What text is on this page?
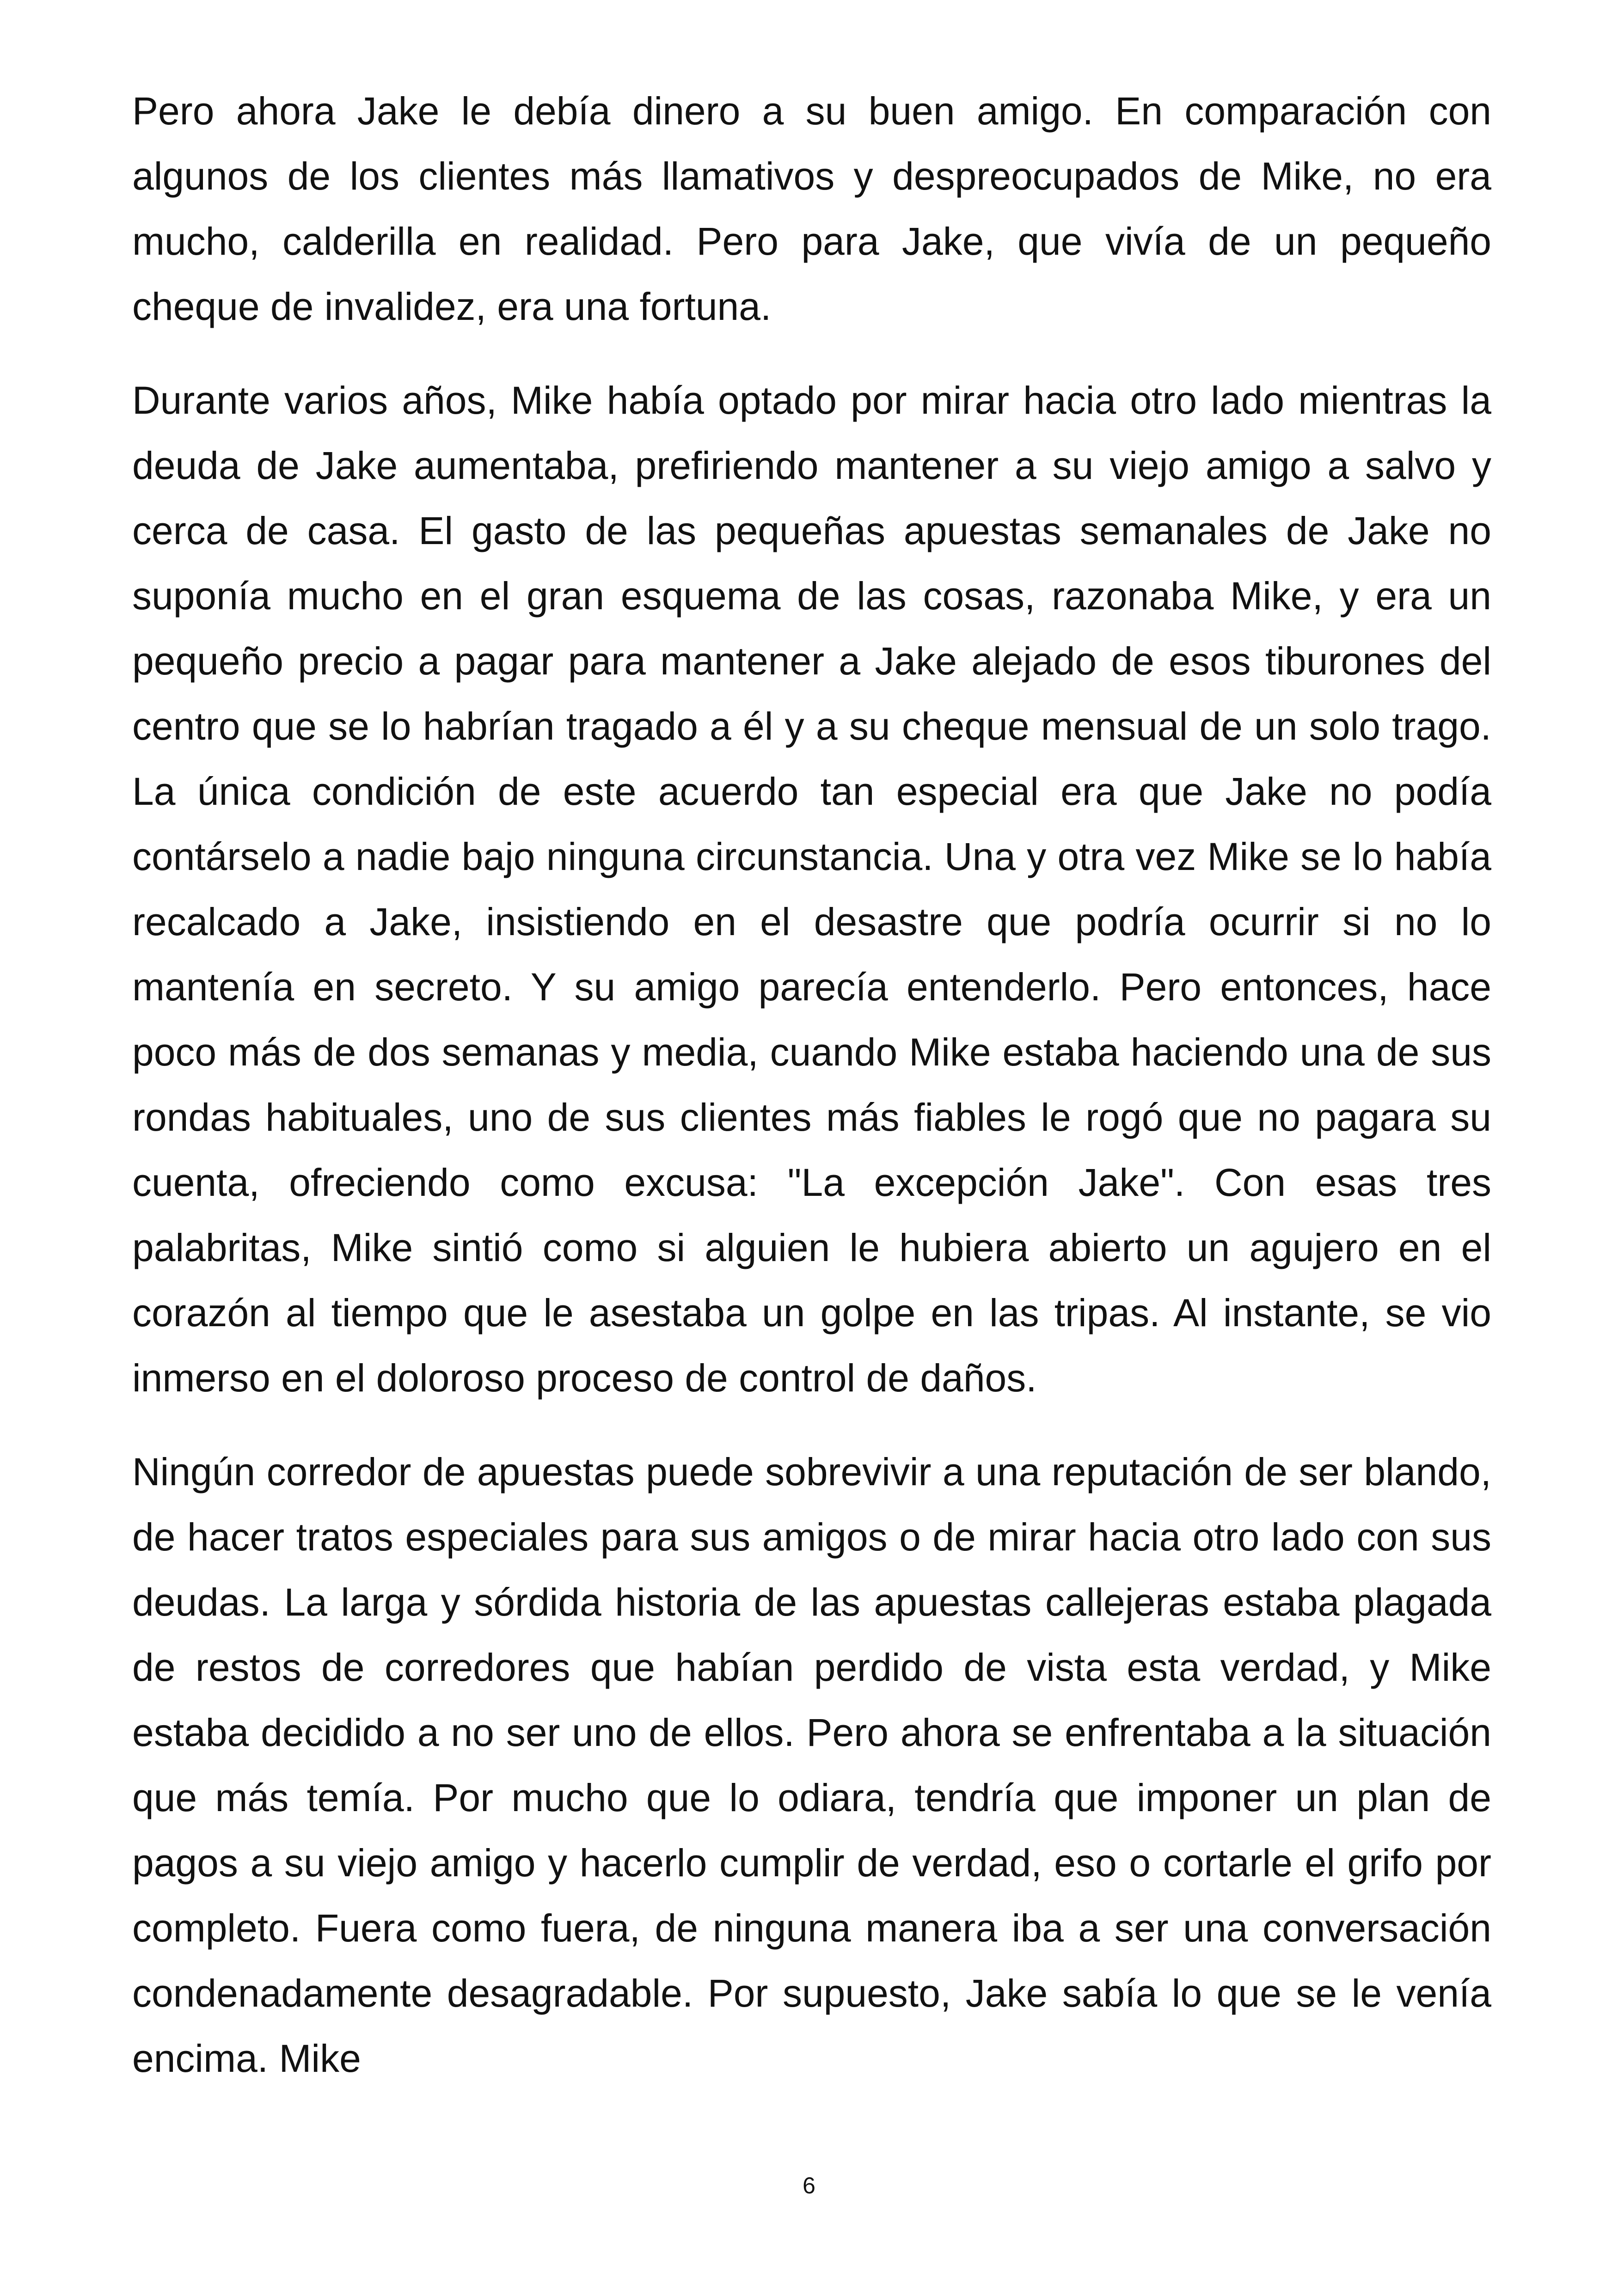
Pero ahora Jake le debía dinero a su buen amigo. En comparación con algunos de los clientes más llamativos y despreocupados de Mike, no era mucho, calderilla en realidad. Pero para Jake, que vivía de un pequeño cheque de invalidez, era una fortuna.

Durante varios años, Mike había optado por mirar hacia otro lado mientras la deuda de Jake aumentaba, prefiriendo mantener a su viejo amigo a salvo y cerca de casa. El gasto de las pequeñas apuestas semanales de Jake no suponía mucho en el gran esquema de las cosas, razonaba Mike, y era un pequeño precio a pagar para mantener a Jake alejado de esos tiburones del centro que se lo habrían tragado a él y a su cheque mensual de un solo trago. La única condición de este acuerdo tan especial era que Jake no podía contárselo a nadie bajo ninguna circunstancia. Una y otra vez Mike se lo había recalcado a Jake, insistiendo en el desastre que podría ocurrir si no lo mantenía en secreto. Y su amigo parecía entenderlo. Pero entonces, hace poco más de dos semanas y media, cuando Mike estaba haciendo una de sus rondas habituales, uno de sus clientes más fiables le rogó que no pagara su cuenta, ofreciendo como excusa: "La excepción Jake". Con esas tres palabritas, Mike sintió como si alguien le hubiera abierto un agujero en el corazón al tiempo que le asestaba un golpe en las tripas. Al instante, se vio inmerso en el doloroso proceso de control de daños.

Ningún corredor de apuestas puede sobrevivir a una reputación de ser blando, de hacer tratos especiales para sus amigos o de mirar hacia otro lado con sus deudas. La larga y sórdida historia de las apuestas callejeras estaba plagada de restos de corredores que habían perdido de vista esta verdad, y Mike estaba decidido a no ser uno de ellos. Pero ahora se enfrentaba a la situación que más temía. Por mucho que lo odiara, tendría que imponer un plan de pagos a su viejo amigo y hacerlo cumplir de verdad, eso o cortarle el grifo por completo. Fuera como fuera, de ninguna manera iba a ser una conversación condenadamente desagradable. Por supuesto, Jake sabía lo que se le venía encima. Mike

6
